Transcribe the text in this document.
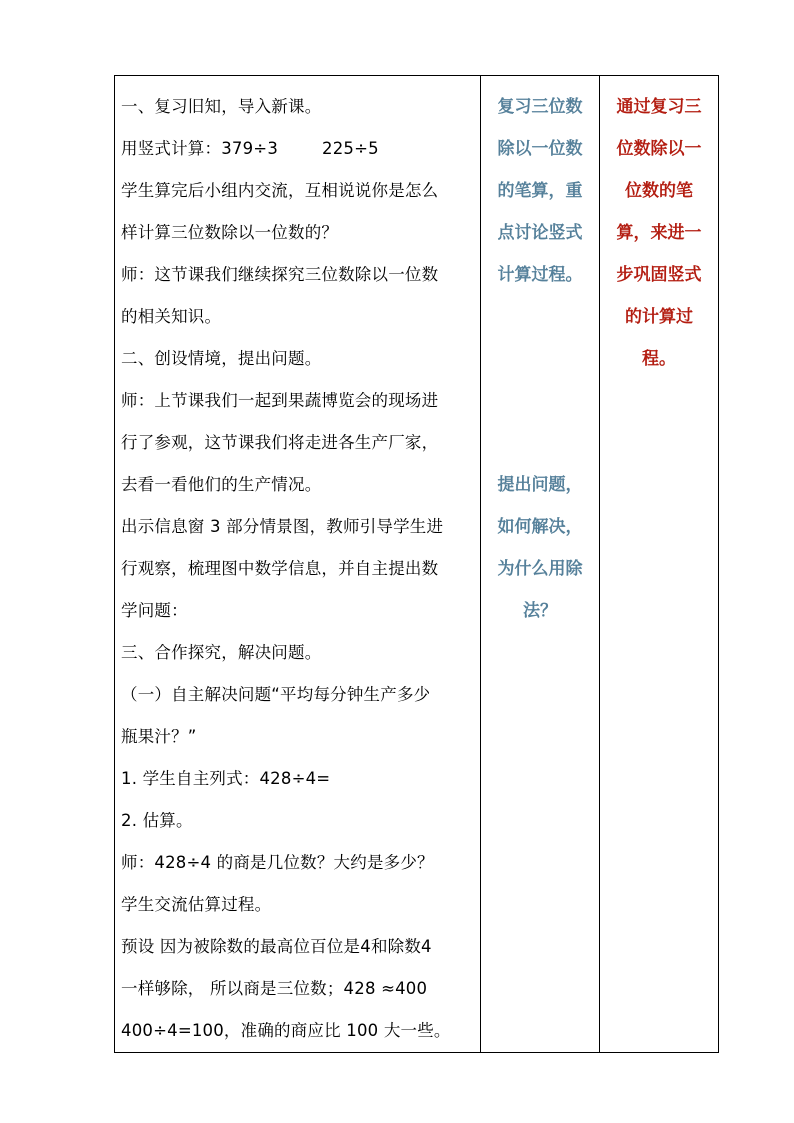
一、复习旧知，导入新课。
用竖式计算：379÷3	225÷5
学生算完后小组内交流，互相说说你是怎么
样计算三位数除以一位数的？
师：这节课我们继续探究三位数除以一位数
的相关知识。
二、创设情境，提出问题。
师：上节课我们一起到果蔬博览会的现场进
行了参观，这节课我们将走进各生产厂家，
去看一看他们的生产情况。
出示信息窗 3 部分情景图，教师引导学生进
行观察，梳理图中数学信息，并自主提出数
学问题：
三、合作探究，解决问题。
（一）自主解决问题“平均每分钟生产多少
瓶果汁？”
1. 学生自主列式：428÷4=
2. 估算。
师：428÷4 的商是几位数？大约是多少？
学生交流估算过程。
预设 因为被除数的最高位百位是4和除数4
一样够除， 所以商是三位数；428 ≈400
400÷4=100，准确的商应比 100 大一些。

复习三位数
除以一位数
的笔算，重
点讨论竖式
计算过程。
提出问题，
如何解决，
为什么用除
法？

通过复习三
位数除以一
位数的笔
算，来进一
步巩固竖式
的计算过
程。
